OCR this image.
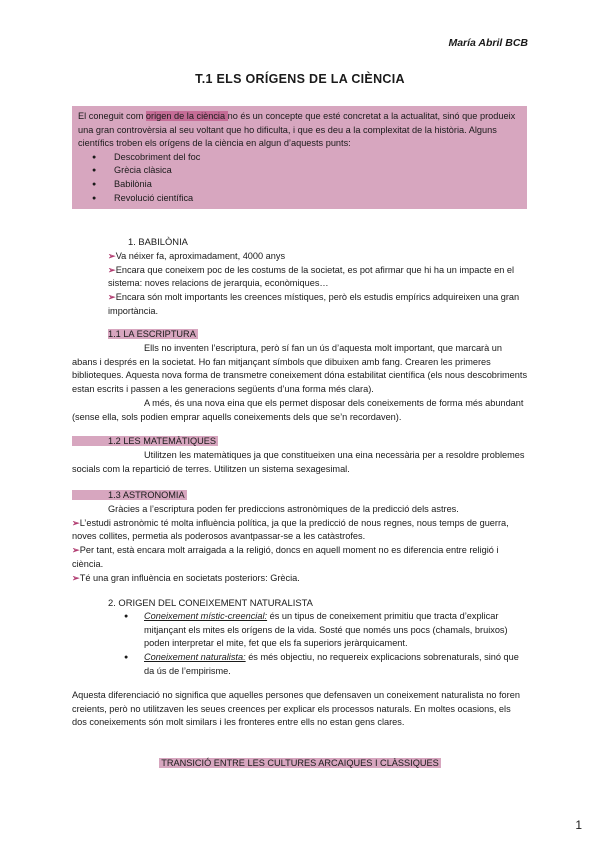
María Abril BCB
T.1 ELS ORÍGENS DE LA CIÈNCIA
El coneguit com origen de la ciència no és un concepte que esté concretat a la actualitat, sinó que produeix una gran controvèrsia al seu voltant que ho dificulta, i que es deu a la complexitat de la història. Alguns científics troben els orígens de la ciència en algun d’aquests punts:
● Descobriment del foc
● Grècia clàsica
● Babilònia
● Revolució científica
1. BABILÒNIA
➢Va néixer fa, aproximadament, 4000 anys
➢Encara que coneixem poc de les costums de la societat, es pot afirmar que hi ha un impacte en el sistema: noves relacions de jerarquia, econòmiques…
➢Encara són molt importants les creences místiques, però els estudis empírics adquireixen una gran importància.
1.1 LA ESCRIPTURA
Ells no inventen l’escriptura, però sí fan un ús d’aquesta molt important, que marcarà un abans i després en la societat. Ho fan mitjançant símbols que dibuixen amb fang. Crearen les primeres biblioteques. Aquesta nova forma de transmetre coneixement dóna estabilitat científica (els nous descobriments estan escrits i passen a les generacions següents d’una forma més clara).
A més, és una nova eina que els permet disposar dels coneixements de forma més abundant (sense ella, sols podien emprar aquells coneixements dels que se’n recordaven).
1.2 LES MATEMÀTIQUES
Utilitzen les matemàtiques ja que constitueixen una eina necessària per a resoldre problemes socials com la repartició de terres. Utilitzen un sistema sexagesimal.
1.3 ASTRONOMIA
Gràcies a l’escriptura poden fer prediccions astronòmiques de la predicció dels astres.
➢L’estudi astronòmic té molta influència política, ja que la predicció de nous regnes, nous temps de guerra, noves collites, permetia als poderosos avantpassar-se a les catàstrofes.
➢Per tant, està encara molt arraigada a la religió, doncs en aquell moment no es diferencia entre religió i ciència.
➢Té una gran influència en societats posteriors: Grècia.
2. ORIGEN DEL CONEIXEMENT NATURALISTA
● Coneixement místic-creencial: és un tipus de coneixement primitiu que tracta d’explicar mitjançant els mites els orígens de la vida. Sosté que només uns pocs (chamals, bruixos) poden interpretar el mite, fet que els fa superiors jeràrquicament.
● Coneixement naturalista: és més objectiu, no requereix explicacions sobrenaturals, sinó que da ús de l’empirisme.
Aquesta diferenciació no significa que aquelles persones que defensaven un coneixement naturalista no foren creients, però no utilitzaven les seues creences per explicar els processos naturals. En moltes ocasions, els dos coneixements són molt similars i les fronteres entre ells no estan gens clares.
TRANSICIÓ ENTRE LES CULTURES ARCAIQUES I CLÀSSIQUES
1
